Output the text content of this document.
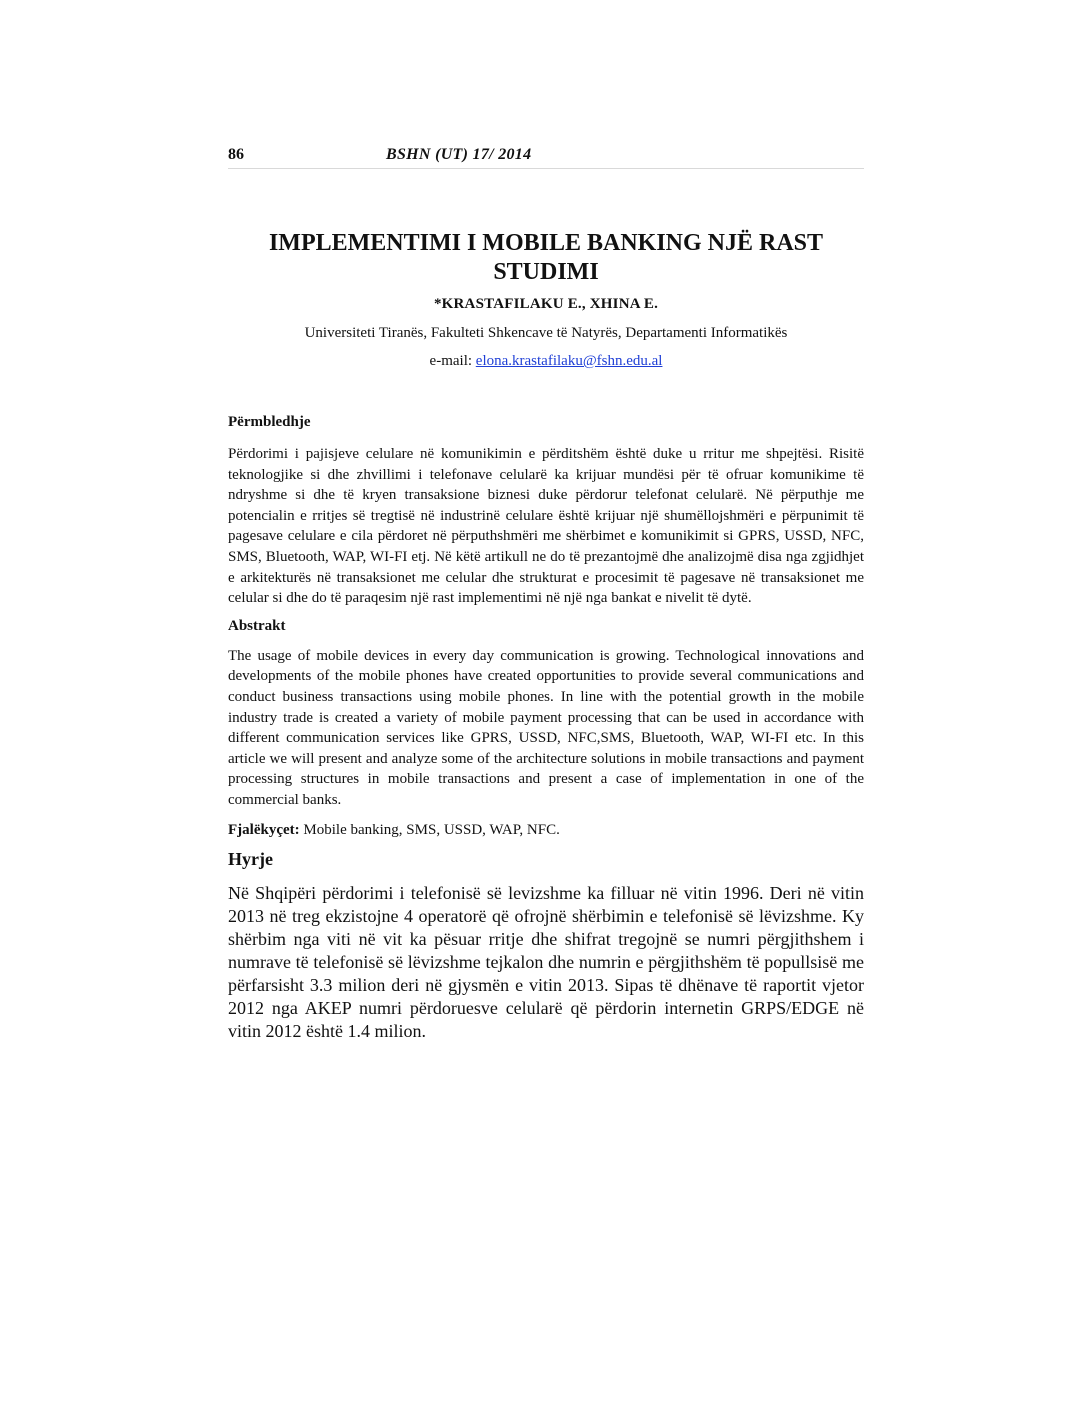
86	BSHN (UT) 17/ 2014
IMPLEMENTIMI I MOBILE BANKING NJË RAST STUDIMI
*KRASTAFILAKU E., XHINA E.
Universiteti Tiranës, Fakulteti Shkencave të Natyrës, Departamenti Informatikës
e-mail: elona.krastafilaku@fshn.edu.al
Përmbledhje

Përdorimi i pajisjeve celulare në komunikimin e përditshëm është duke u rritur me shpejtësi. Risitë teknologjike si dhe zhvillimi i telefonave celularë ka krijuar mundësi për të ofruar komunikime të ndryshme si dhe të kryen transaksione biznesi duke përdorur telefonat celularë. Në përputhje me potencialin e rritjes së tregtisë në industrinë celulare është krijuar një shumëllojshmëri e përpunimit të pagesave celulare e cila përdoret në përputhshmëri me shërbimet e komunikimit si GPRS, USSD, NFC, SMS, Bluetooth, WAP, WI-FI etj. Në këtë artikull ne do të prezantojmë dhe analizojmë disa nga zgjidhjet e arkitekturës në transaksionet me celular dhe strukturat e procesimit të pagesave në transaksionet me celular si dhe do të paraqesim një rast implementimi në një nga bankat e nivelit të dytë.

Abstrakt

The usage of mobile devices in every day communication is growing. Technological innovations and developments of the mobile phones have created opportunities to provide several communications and conduct business transactions using mobile phones. In line with the potential growth in the mobile industry trade is created a variety of mobile payment processing that can be used in accordance with different communication services like GPRS, USSD, NFC,SMS, Bluetooth, WAP, WI-FI etc. In this article we will present and analyze some of the architecture solutions in mobile transactions and payment processing structures in mobile transactions and present a case of implementation in one of the commercial banks.

Fjalëkyçet: Mobile banking, SMS, USSD, WAP, NFC.
Hyrje

Në Shqipëri përdorimi i telefonisë së levizshme ka filluar në vitin 1996. Deri në vitin 2013 në treg ekzistojne 4 operatorë që ofrojnë shërbimin e telefonisë së lëvizshme. Ky shërbim nga viti në vit ka pësuar rritje dhe shifrat tregojnë se numri përgjithshem i numrave të telefonisë së lëvizshme tejkalon dhe numrin e përgjithshëm të popullsisë me përfarsisht 3.3 milion deri në gjysmën e vitin 2013. Sipas të dhënave të raportit vjetor 2012 nga AKEP numri përdoruesve celularë që përdorin internetin GRPS/EDGE në vitin 2012 është 1.4 milion.
